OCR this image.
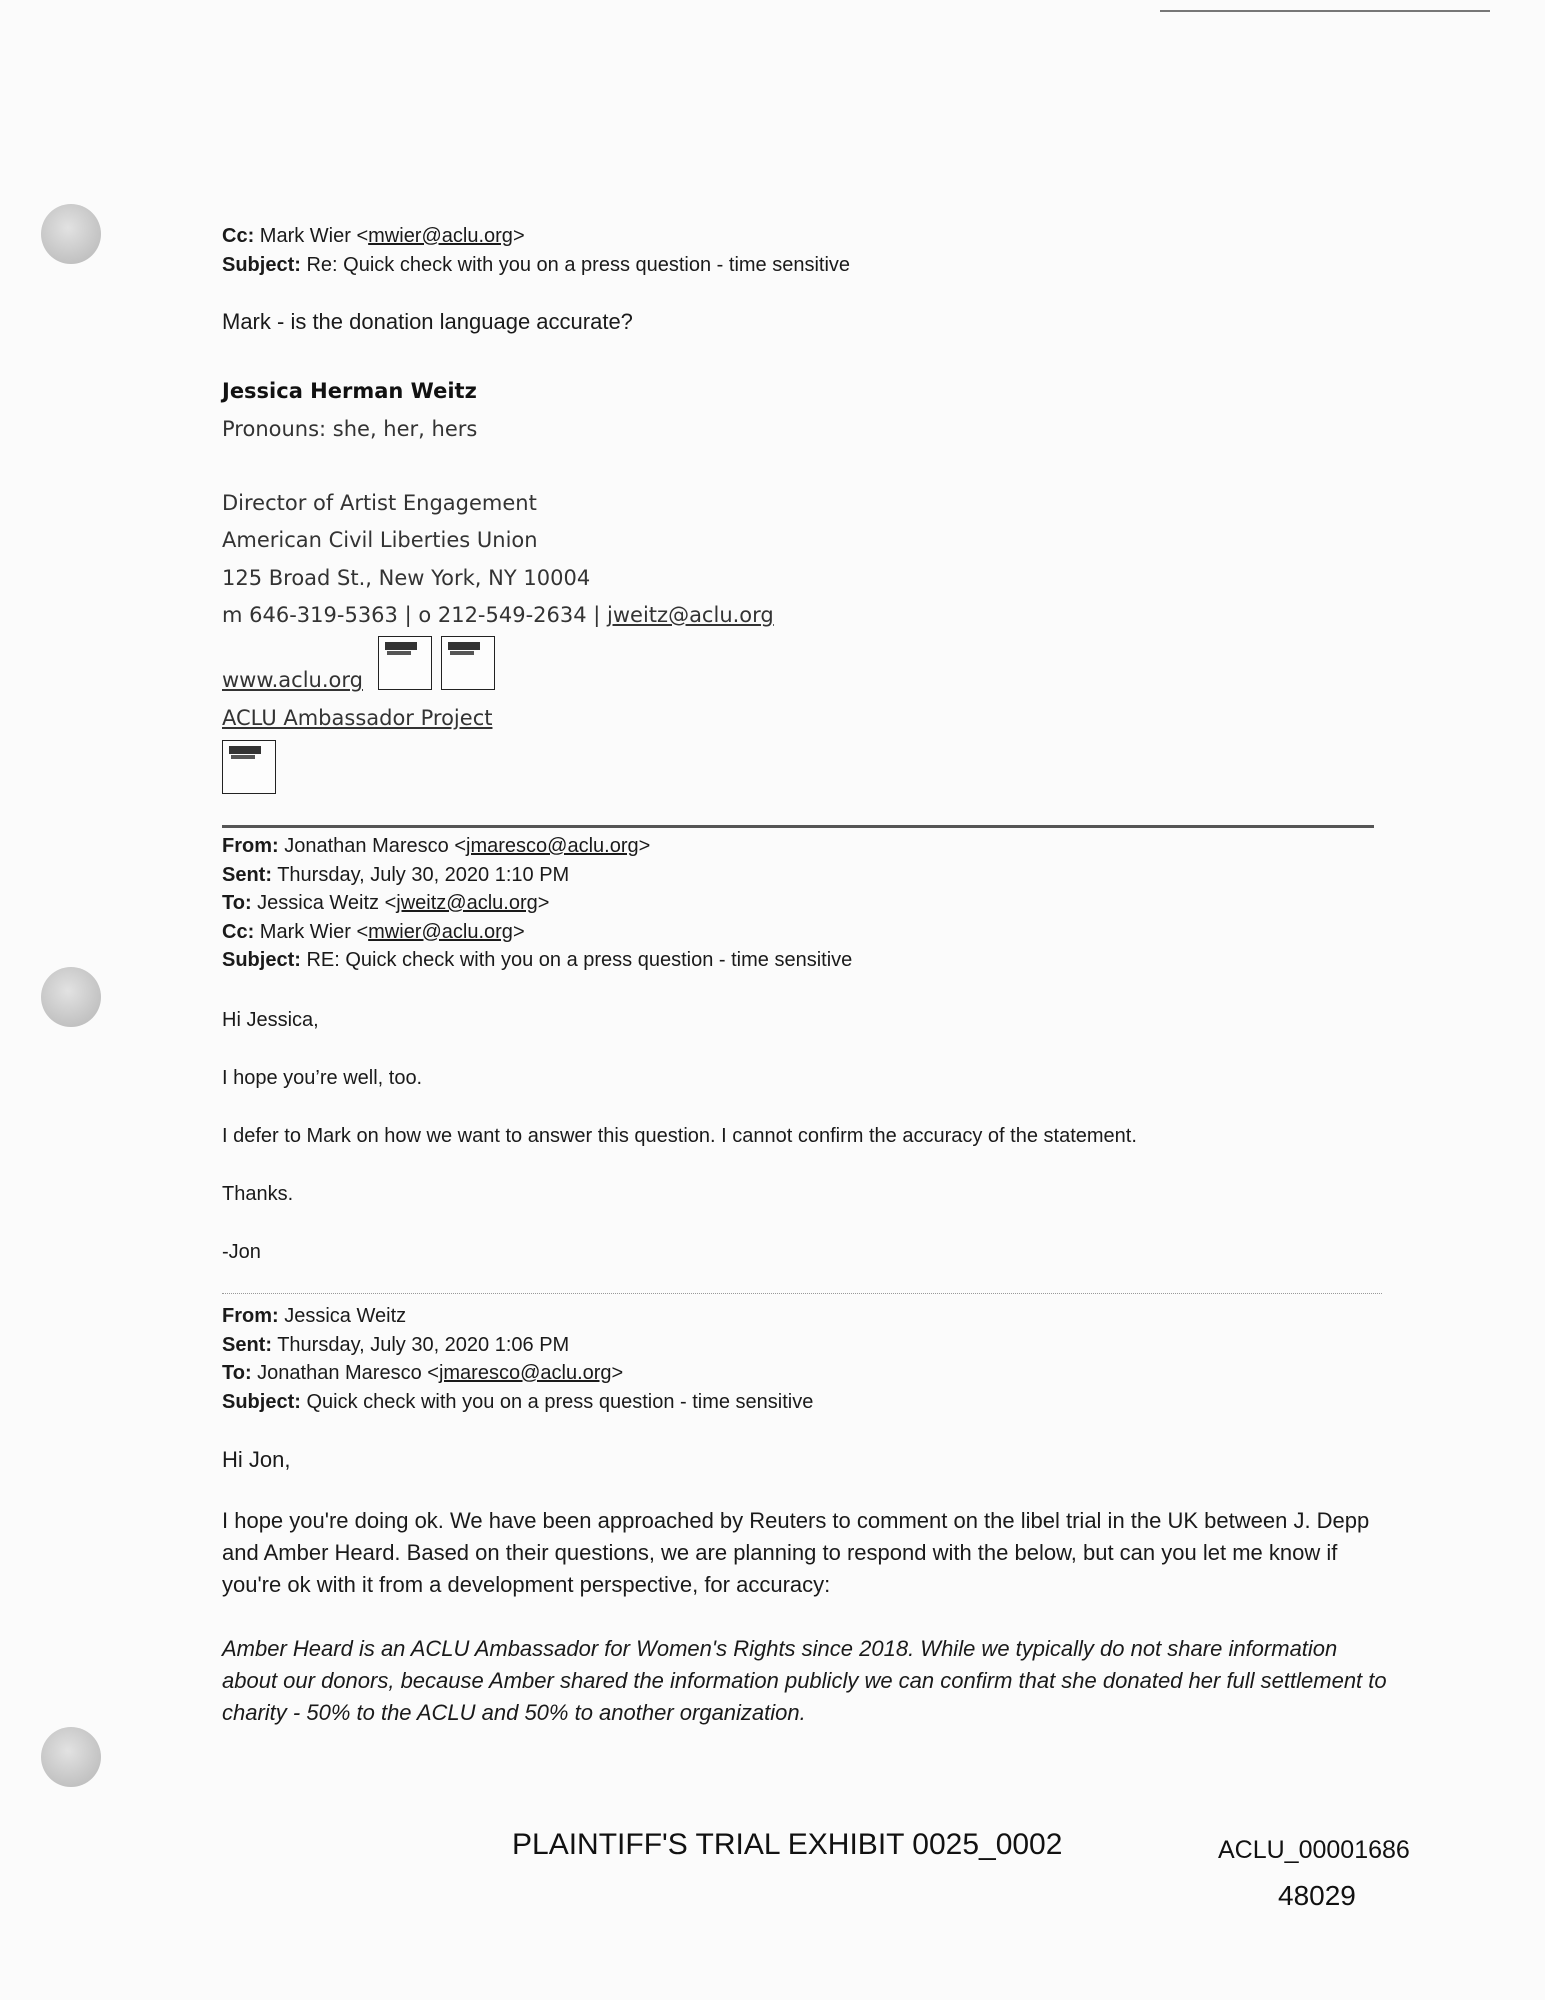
Cc: Mark Wier <mwier@aclu.org>

Subject: Re: Quick check with you on a press question - time sensitive

Mark - is the donation language accurate?
Jessica Herman Weitz
Pronouns: she, her, hers
Director of Artist Engagement
American Civil Liberties Union
125 Broad St., New York, NY 10004
m 646-319-5363 | o 212-549-2634 | jweitz@aclu.org
www.aclu.org
ACLU Ambassador Project

From: Jonathan Maresco <jmaresco@aclu.org>

Sent: Thursday, July 30, 2020 1:10 PM

To: Jessica Weitz <jweitz@aclu.org>

Cc: Mark Wier <mwier@aclu.org>

Subject: RE: Quick check with you on a press question - time sensitive

Hi Jessica,
I hope you’re well, too.
I defer to Mark on how we want to answer this question. I cannot confirm the accuracy of the statement.
Thanks.
-Jon

From: Jessica Weitz

Sent: Thursday, July 30, 2020 1:06 PM

To: Jonathan Maresco <jmaresco@aclu.org>

Subject: Quick check with you on a press question - time sensitive

Hi Jon,
I hope you're doing ok. We have been approached by Reuters to comment on the libel trial in the UK between J. Depp and Amber Heard. Based on their questions, we are planning to respond with the below, but can you let me know if you're ok with it from a development perspective, for accuracy:
Amber Heard is an ACLU Ambassador for Women's Rights since 2018. While we typically do not share information about our donors, because Amber shared the information publicly we can confirm that she donated her full settlement to charity - 50% to the ACLU and 50% to another organization.
PLAINTIFF'S TRIAL EXHIBIT 0025_0002	ACLU_00001686
48029
